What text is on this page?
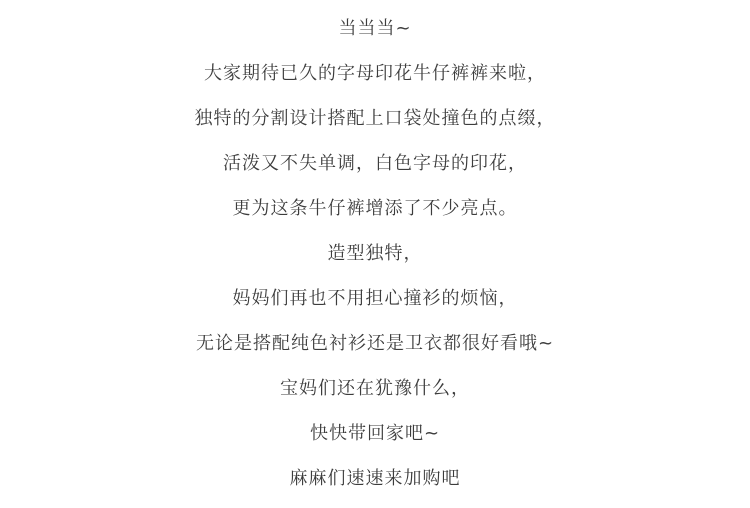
当当当~
大家期待已久的字母印花牛仔裤裤来啦，
独特的分割设计搭配上口袋处撞色的点缀，
活泼又不失单调，白色字母的印花，
更为这条牛仔裤增添了不少亮点。
造型独特，
妈妈们再也不用担心撞衫的烦恼，
无论是搭配纯色衬衫还是卫衣都很好看哦~
宝妈们还在犹豫什么，
快快带回家吧~
麻麻们速速来加购吧
